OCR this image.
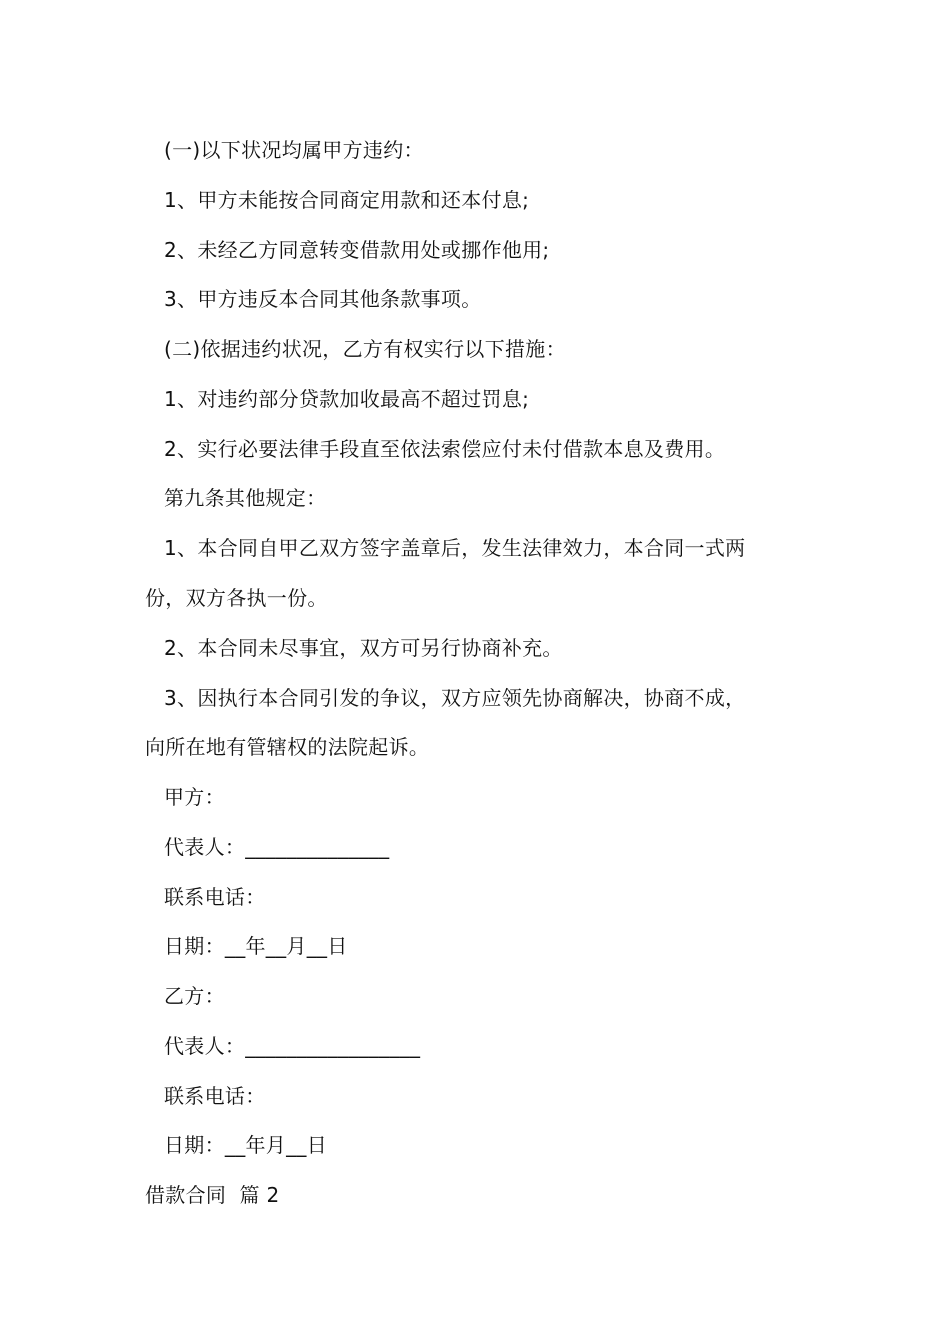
(一)以下状况均属甲方违约：
1、甲方未能按合同商定用款和还本付息;
2、未经乙方同意转变借款用处或挪作他用;
3、甲方违反本合同其他条款事项。
(二)依据违约状况，乙方有权实行以下措施：
1、对违约部分贷款加收最高不超过罚息;
2、实行必要法律手段直至依法索偿应付未付借款本息及费用。
第九条其他规定：
1、本合同自甲乙双方签字盖章后，发生法律效力，本合同一式两
份，双方各执一份。
2、本合同未尽事宜，双方可另行协商补充。
3、因执行本合同引发的争议，双方应领先协商解决，协商不成，
向所在地有管辖权的法院起诉。
甲方：
代表人：______________
联系电话：
日期：__年__月__日
乙方：
代表人：_________________
联系电话：
日期：__年月__日
借款合同  篇 2
